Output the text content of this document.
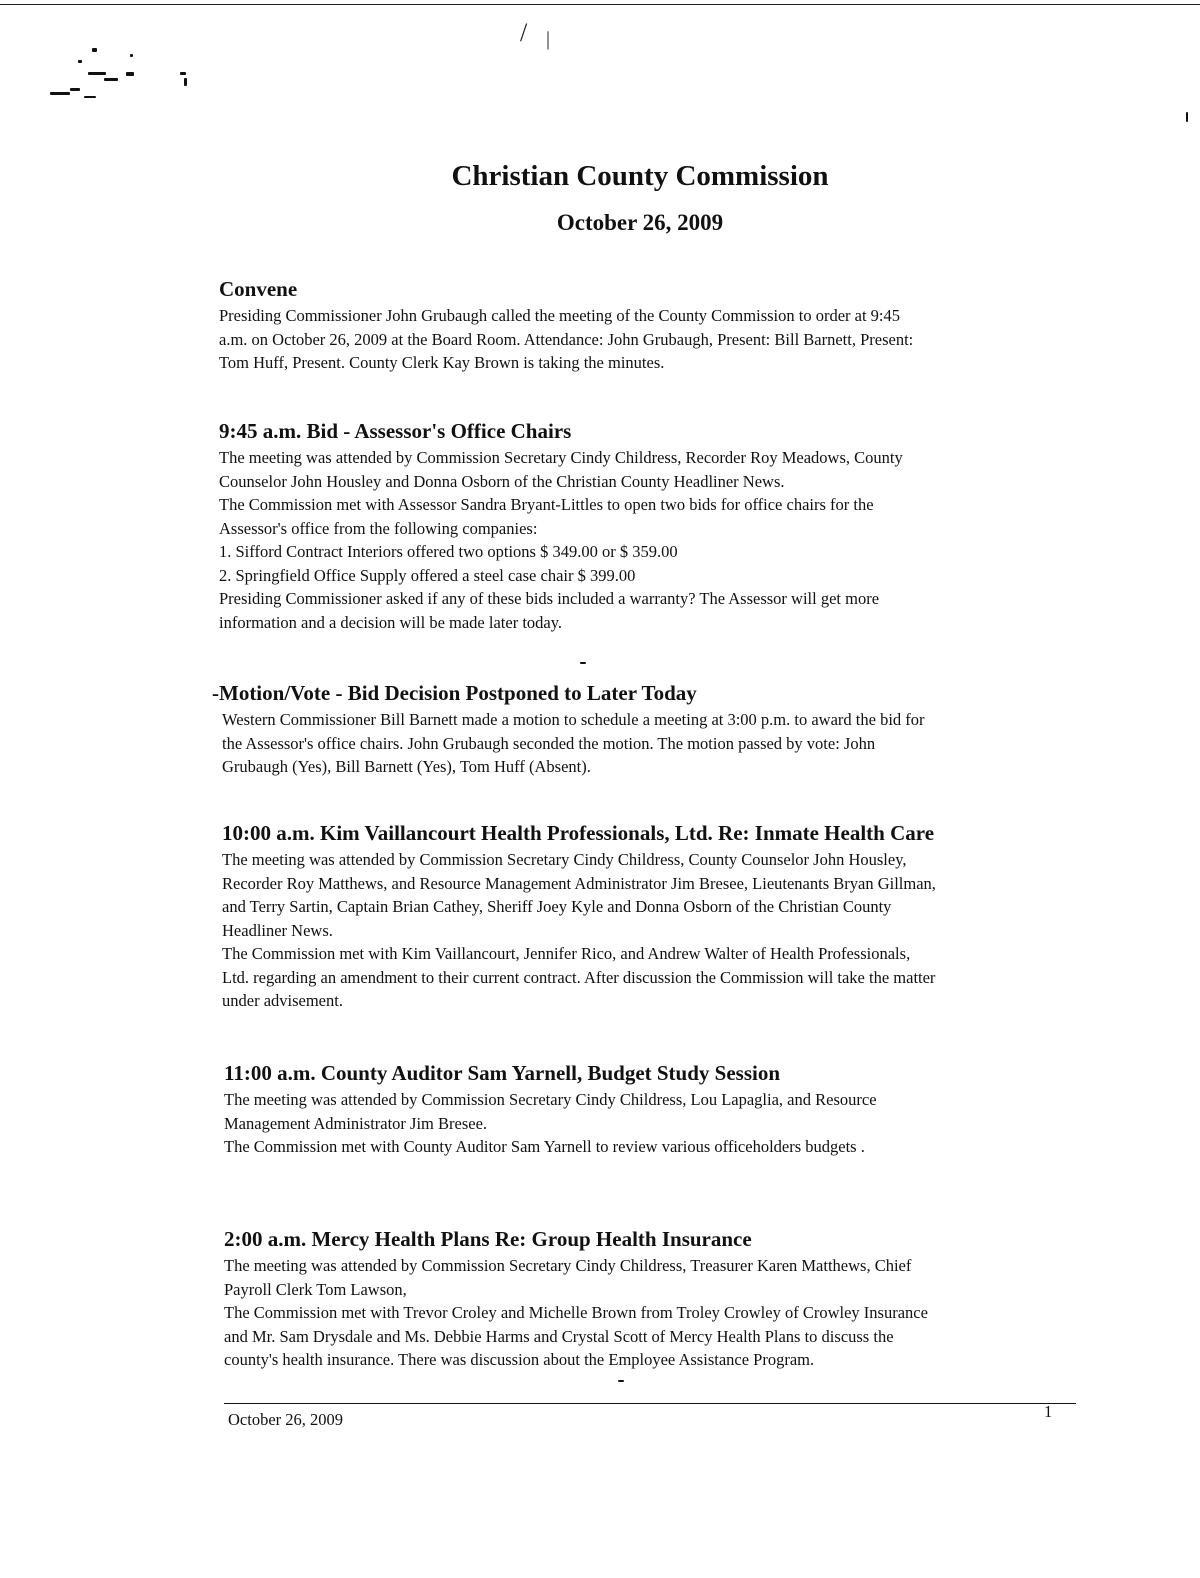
/ |
Christian County Commission
October 26, 2009
Convene

Presiding Commissioner John Grubaugh called the meeting of the County Commission to order at 9:45
a.m. on October 26, 2009 at the Board Room. Attendance: John Grubaugh, Present: Bill Barnett, Present:
Tom Huff, Present. County Clerk Kay Brown is taking the minutes.

9:45 a.m. Bid - Assessor's Office Chairs

The meeting was attended by Commission Secretary Cindy Childress, Recorder Roy Meadows, County
Counselor John Housley and Donna Osborn of the Christian County Headliner News.
The Commission met with Assessor Sandra Bryant-Littles to open two bids for office chairs for the
Assessor's office from the following companies:
1. Sifford Contract Interiors offered two options $ 349.00 or $ 359.00
2. Springfield Office Supply offered a steel case chair $ 399.00
Presiding Commissioner asked if any of these bids included a warranty? The Assessor will get more
information and a decision will be made later today.

-Motion/Vote - Bid Decision Postponed to Later Today

Western Commissioner Bill Barnett made a motion to schedule a meeting at 3:00 p.m. to award the bid for
the Assessor's office chairs. John Grubaugh seconded the motion. The motion passed by vote: John
Grubaugh (Yes), Bill Barnett (Yes), Tom Huff (Absent).

10:00 a.m. Kim Vaillancourt Health Professionals, Ltd. Re: Inmate Health Care

The meeting was attended by Commission Secretary Cindy Childress, County Counselor John Housley,
Recorder Roy Matthews, and Resource Management Administrator Jim Bresee, Lieutenants Bryan Gillman,
and Terry Sartin, Captain Brian Cathey, Sheriff Joey Kyle and Donna Osborn of the Christian County
Headliner News.
The Commission met with Kim Vaillancourt, Jennifer Rico, and Andrew Walter of Health Professionals,
Ltd. regarding an amendment to their current contract. After discussion the Commission will take the matter
under advisement.

11:00 a.m. County Auditor Sam Yarnell, Budget Study Session

The meeting was attended by Commission Secretary Cindy Childress, Lou Lapaglia, and Resource
Management Administrator Jim Bresee.
The Commission met with County Auditor Sam Yarnell to review various officeholders budgets .

2:00 a.m. Mercy Health Plans Re: Group Health Insurance

The meeting was attended by Commission Secretary Cindy Childress, Treasurer Karen Matthews, Chief
Payroll Clerk Tom Lawson,
The Commission met with Trevor Croley and Michelle Brown from Troley Crowley of Crowley Insurance
and Mr. Sam Drysdale and Ms. Debbie Harms and Crystal Scott of Mercy Health Plans to discuss the
county's health insurance. There was discussion about the Employee Assistance Program.

October 26, 2009	1
